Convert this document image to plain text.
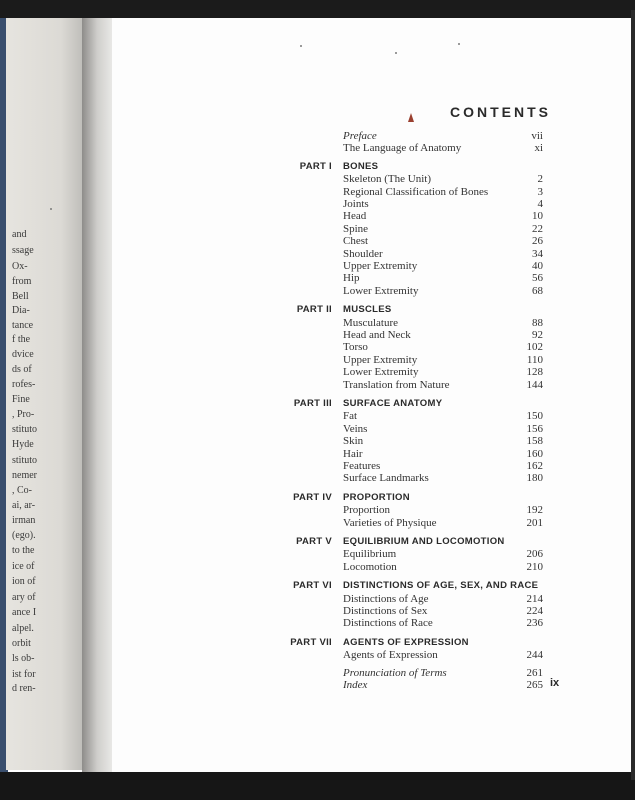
and
ssage
Ox-
from
Bell
Dia-
tance
f the
dvice
ds of
rofes-
Fine
, Pro-
stituto
Hyde
stituto
nemer
, Co-
ai, ar-
irman
(ego).
to the
ice of
ion of
ary of
ance I
alpel.
orbit
ls ob-
ist for
d ren-
CONTENTS
Preface	vii
The Language of Anatomy	xi
PART I BONES
Skeleton (The Unit)	2
Regional Classification of Bones	3
Joints	4
Head	10
Spine	22
Chest	26
Shoulder	34
Upper Extremity	40
Hip	56
Lower Extremity	68
PART II MUSCLES
Musculature	88
Head and Neck	92
Torso	102
Upper Extremity	110
Lower Extremity	128
Translation from Nature	144
PART III SURFACE ANATOMY
Fat	150
Veins	156
Skin	158
Hair	160
Features	162
Surface Landmarks	180
PART IV PROPORTION
Proportion	192
Varieties of Physique	201
PART V EQUILIBRIUM AND LOCOMOTION
Equilibrium	206
Locomotion	210
PART VI DISTINCTIONS OF AGE, SEX, AND RACE
Distinctions of Age	214
Distinctions of Sex	224
Distinctions of Race	236
PART VII AGENTS OF EXPRESSION
Agents of Expression	244
Pronunciation of Terms	261
Index	265 ix
